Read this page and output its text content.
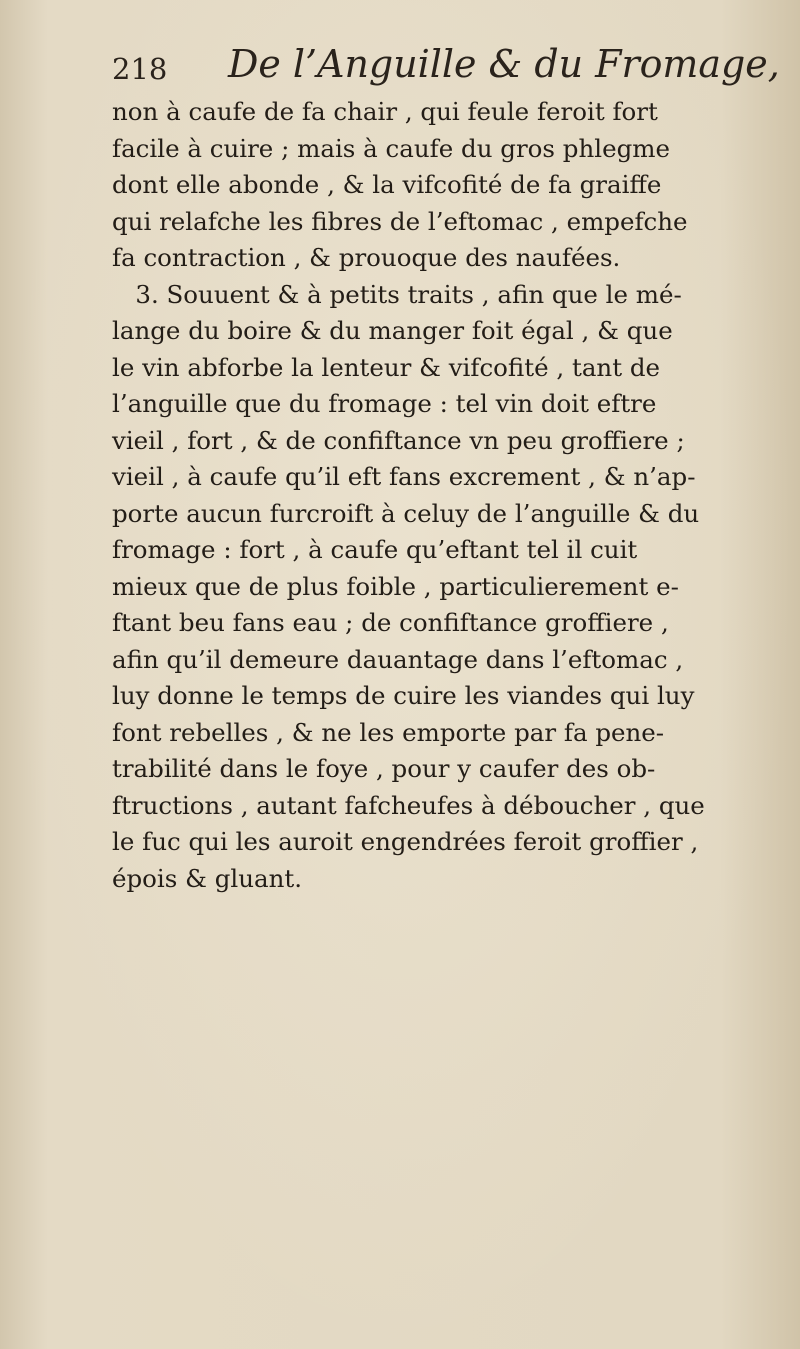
218 De l’Anguille & du Fromage,
non à caufe de fa chair , qui feule feroit fort
facile à cuire ; mais à caufe du gros phlegme
dont elle abonde , & la vifcofité de fa graiffe
qui relafche les fibres de l’eftomac , empefche
fa contraction , & prouoque des naufées.
3. Souuent & à petits traits , afin que le mé-
lange du boire & du manger foit égal , & que
le vin abforbe la lenteur & vifcofité , tant de
l’anguille que du fromage : tel vin doit eftre
vieil , fort , & de confiftance vn peu groffiere ;
vieil , à caufe qu’il eft fans excrement , & n’ap-
porte aucun furcroift à celuy de l’anguille & du
fromage : fort , à caufe qu’eftant tel il cuit
mieux que de plus foible , particulierement e-
ftant beu fans eau ; de confiftance groffiere ,
afin qu’il demeure dauantage dans l’eftomac ,
luy donne le temps de cuire les viandes qui luy
font rebelles , & ne les emporte par fa pene-
trabilité dans le foye , pour y caufer des ob-
ftructions , autant fafcheufes à déboucher , que
le fuc qui les auroit engendrées feroit groffier ,
épois & gluant.
